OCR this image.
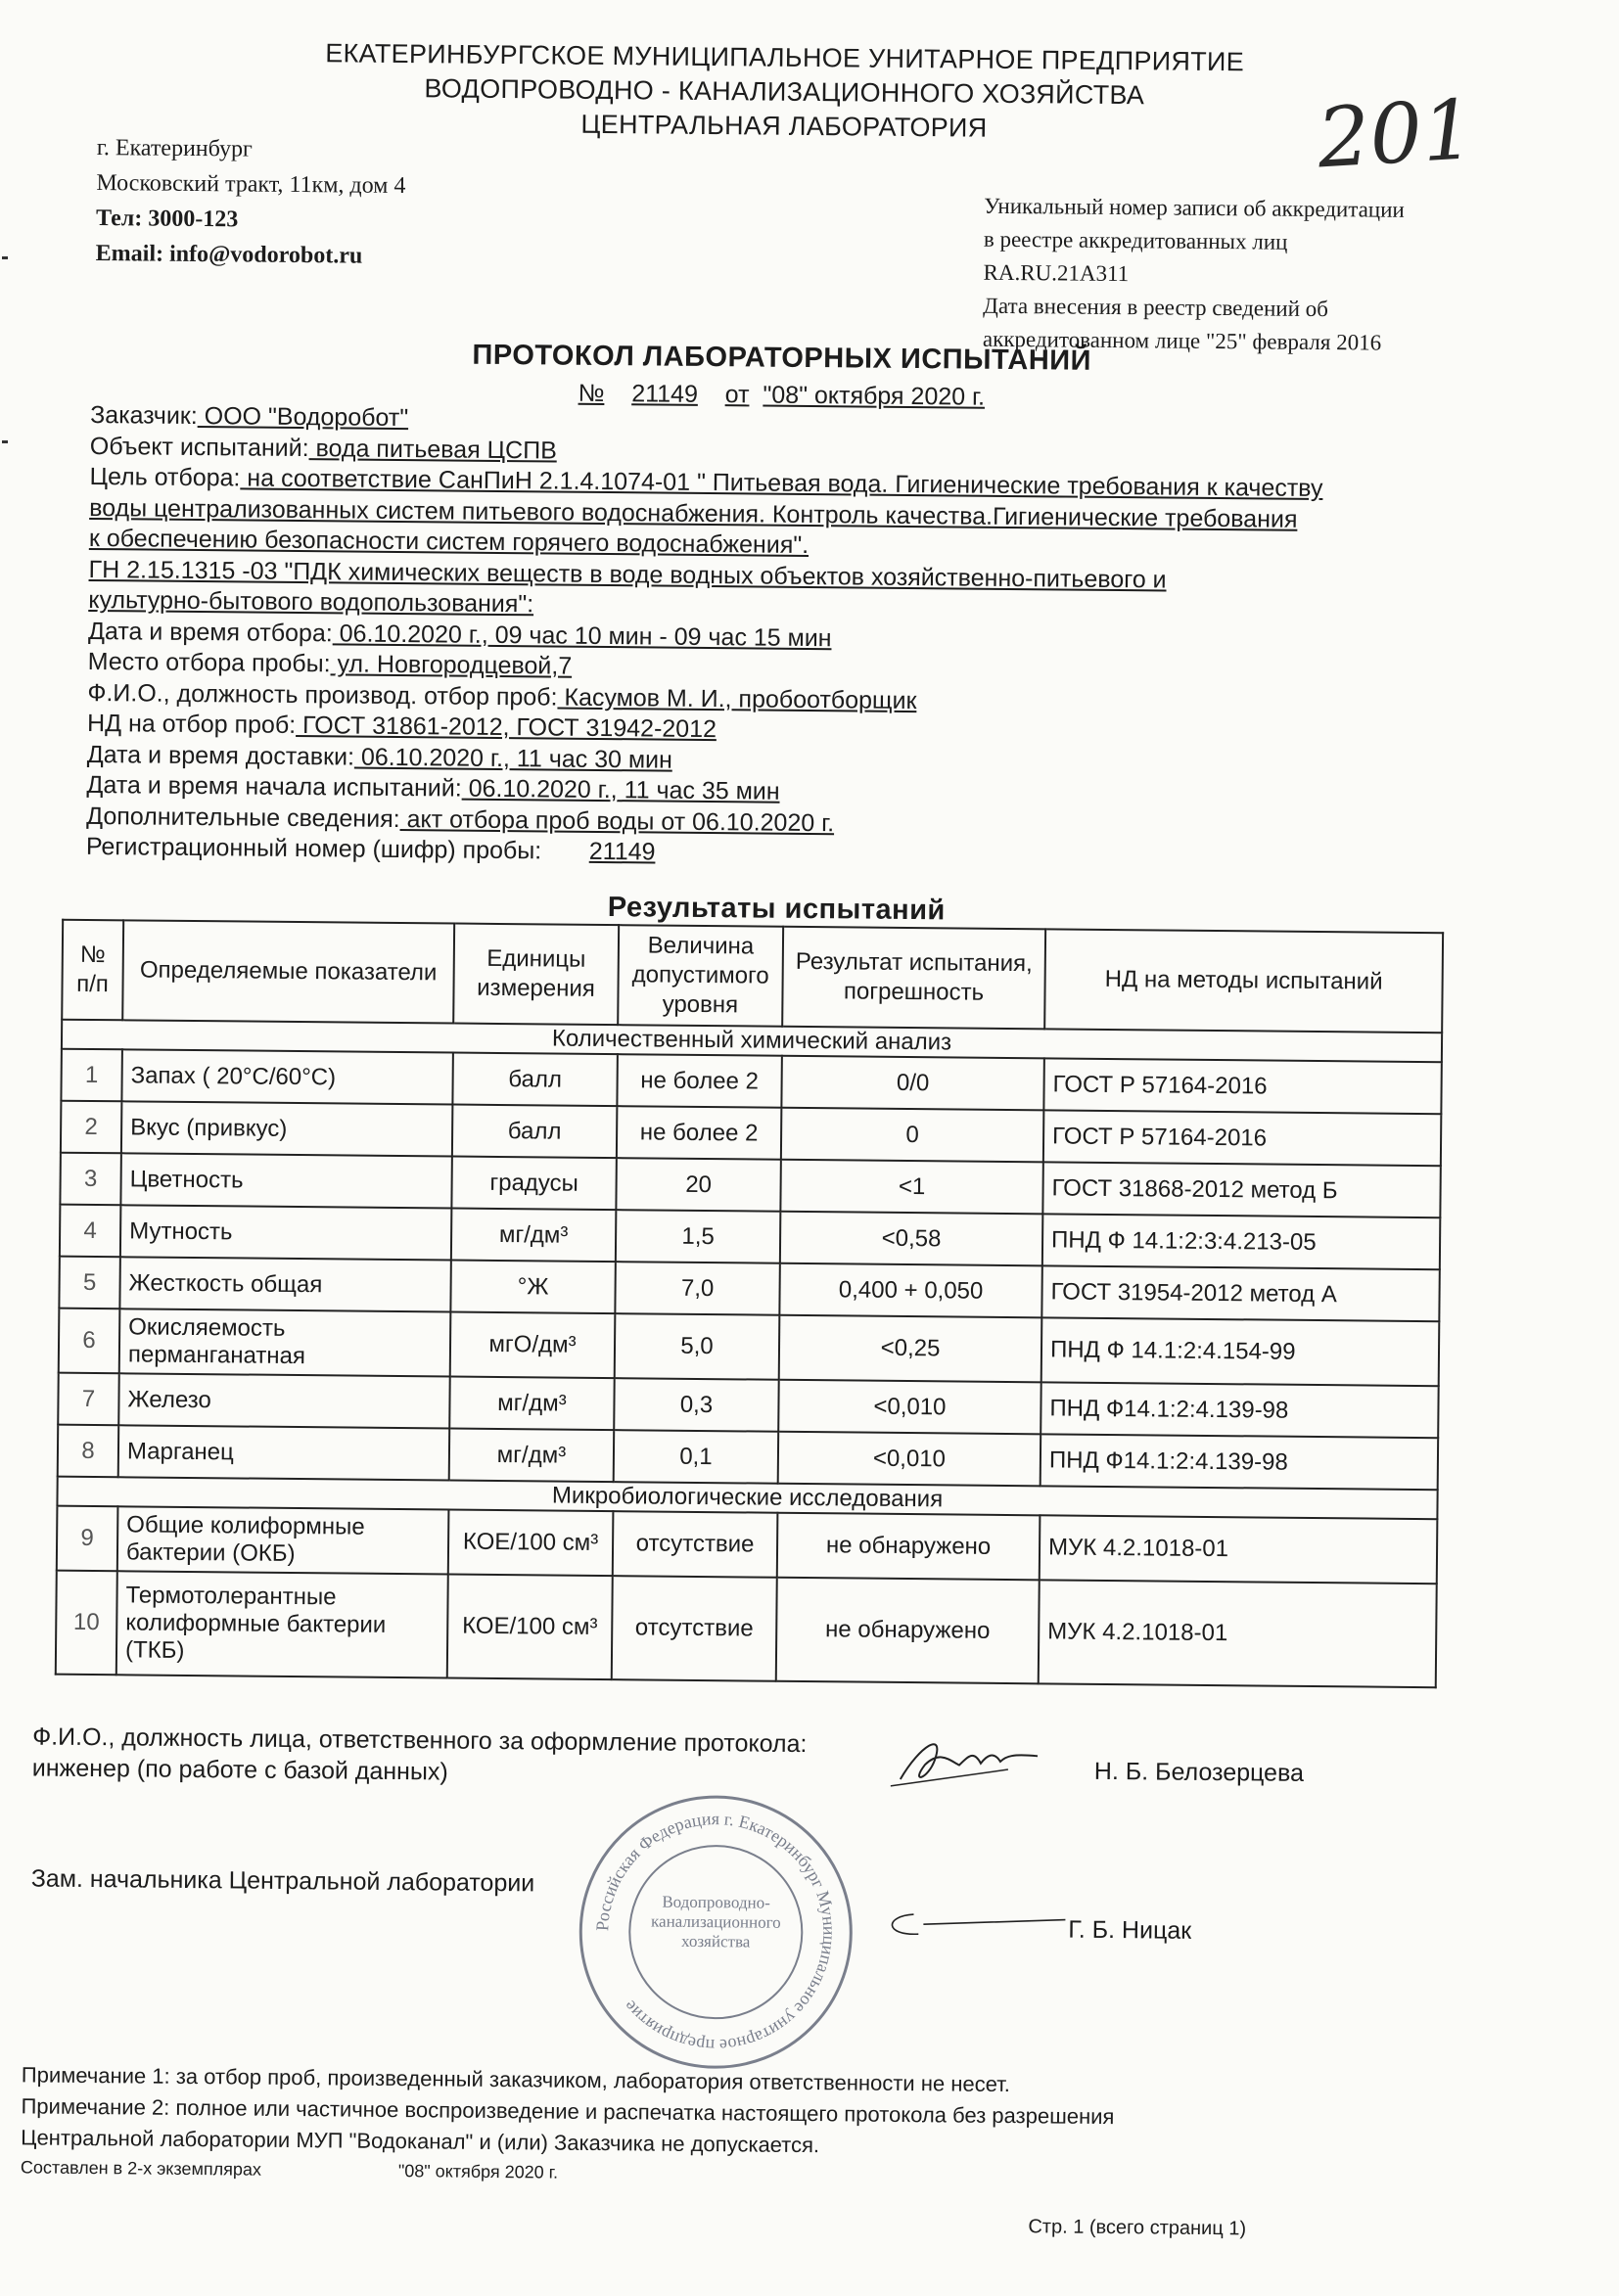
ЕКАТЕРИНБУРГСКОЕ МУНИЦИПАЛЬНОЕ УНИТАРНОЕ ПРЕДПРИЯТИЕ
ВОДОПРОВОДНО - КАНАЛИЗАЦИОННОГО ХОЗЯЙСТВА
ЦЕНТРАЛЬНАЯ ЛАБОРАТОРИЯ	201
г. Екатеринбург
Московский тракт, 11км, дом 4
Тел: 3000-123
Email: info@vodorobot.ru
Уникальный номер записи об аккредитации
в реестре аккредитованных лиц
RA.RU.21A311
Дата внесения в реестр сведений об
аккредитованном лице "25" февраля 2016
ПРОТОКОЛ ЛАБОРАТОРНЫХ ИСПЫТАНИЙ
№ 21149 от "08" октября 2020 г.
Заказчик: ООО "Водоробот"
Объект испытаний: вода питьевая ЦСПВ
Цель отбора: на соответствие СанПиН 2.1.4.1074-01 " Питьевая вода. Гигиенические требования к качеству
воды централизованных систем питьевого водоснабжения. Контроль качества.Гигиенические требования
к обеспечению безопасности систем горячего водоснабжения".
ГН 2.15.1315 -03 "ПДК химических веществ в воде водных объектов хозяйственно-питьевого и
культурно-бытового водопользования":
Дата и время отбора: 06.10.2020 г., 09 час 10 мин - 09 час 15 мин
Место отбора пробы: ул. Новгородцевой,7
Ф.И.О., должность производ. отбор проб: Касумов М. И., пробоотборщик
НД на отбор проб: ГОСТ 31861-2012, ГОСТ 31942-2012
Дата и время доставки: 06.10.2020 г., 11 час 30 мин
Дата и время начала испытаний: 06.10.2020 г., 11 час 35 мин
Дополнительные сведения: акт отбора проб воды от 06.10.2020 г.
Регистрационный номер (шифр) пробы: 21149
Результаты испытаний
№ п/п	Определяемые показатели	Единицы измерения	Величина допустимого уровня	Результат испытания, погрешность	НД на методы испытаний
Количественный химический анализ					
1	Запах ( 20°С/60°С)	балл	не более 2	0/0	ГОСТ Р 57164-2016
2	Вкус (привкус)	балл	не более 2	0	ГОСТ Р 57164-2016
3	Цветность	градусы	20	<1	ГОСТ 31868-2012 метод Б
4	Мутность	мг/дм³	1,5	<0,58	ПНД Ф 14.1:2:3:4.213-05
5	Жесткость общая	°Ж	7,0	0,400 + 0,050	ГОСТ 31954-2012 метод А
6	Окисляемость перманганатная	мгО/дм³	5,0	<0,25	ПНД Ф 14.1:2:4.154-99
7	Железо	мг/дм³	0,3	<0,010	ПНД Ф14.1:2:4.139-98
8	Марганец	мг/дм³	0,1	<0,010	ПНД Ф14.1:2:4.139-98
Микробиологические исследования					
9	Общие колиформные бактерии (ОКБ)	КОЕ/100 см³	отсутствие	не обнаружено	МУК 4.2.1018-01
10	Термотолерантные колиформные бактерии (ТКБ)	КОЕ/100 см³	отсутствие	не обнаружено	МУК 4.2.1018-01
Ф.И.О., должность лица, ответственного за оформление протокола:
инженер (по работе с базой данных)	Н. Б. Белозерцева
Российская Федерация г. Екатеринбург Муниципальное унитарное предприятие
Водопроводно-канализационного хозяйства
Зам. начальника Центральной лаборатории
Г. Б. Ницак
Примечание 1: за отбор проб, произведенный заказчиком, лаборатория ответственности не несет.
Примечание 2: полное или частичное воспроизведение и распечатка настоящего протокола без разрешения
Центральной лаборатории МУП "Водоканал" и (или) Заказчика не допускается.
Составлен в 2-х экземплярах	"08" октября 2020 г.
Стр. 1 (всего страниц 1)
